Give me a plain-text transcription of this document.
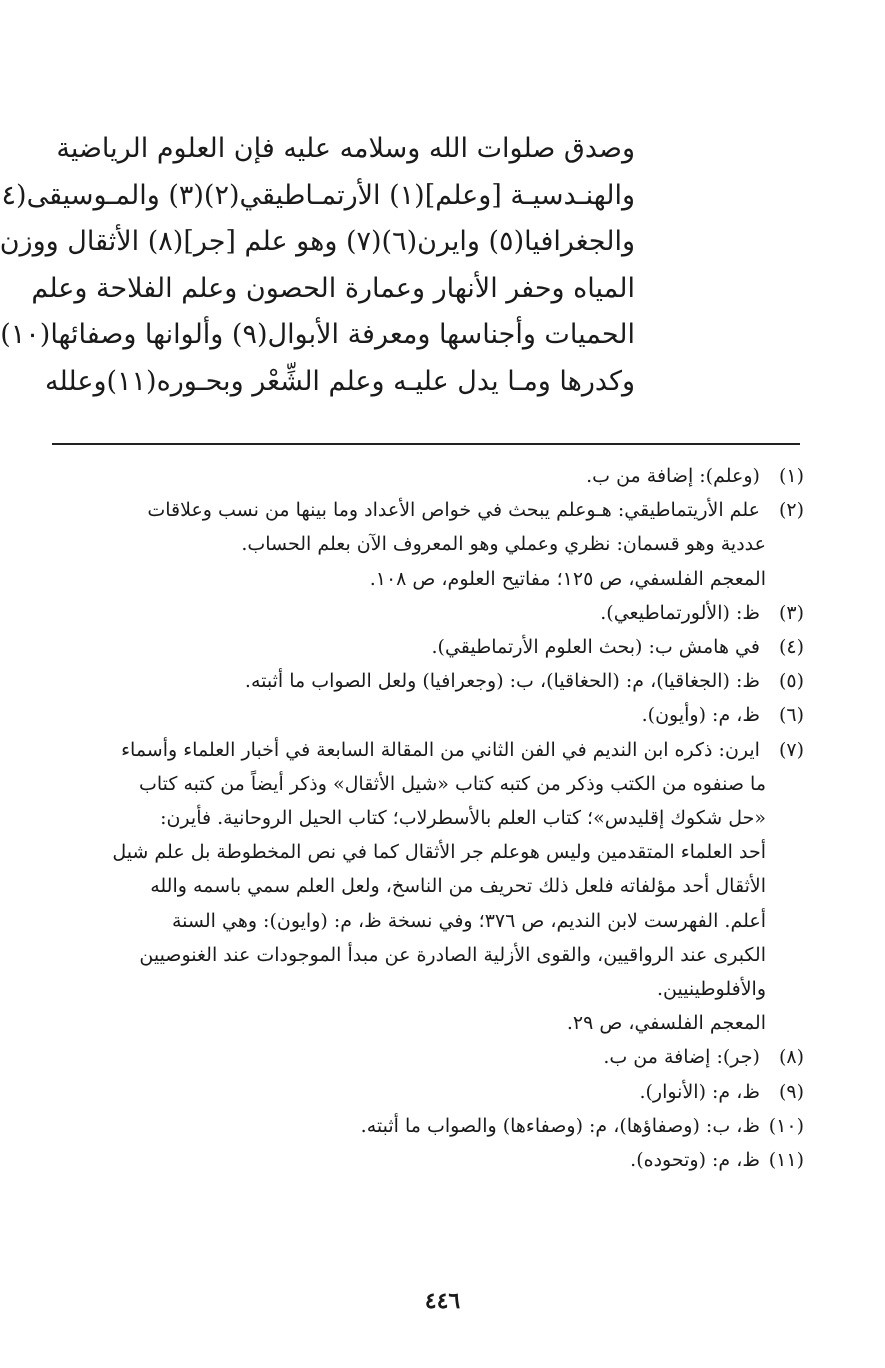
وصدق صلوات الله وسلامه عليه فإن العلوم الرياضية
والهنـدسيـة [وعلم](١) الأرتمـاطيقي(٢)(٣) والمـوسيقى(٤
والجغرافيا(٥) وايرن(٦)(٧) وهو علم [جر](٨) الأثقال ووزن
المياه وحفر الأنهار وعمارة الحصون وعلم الفلاحة وعلم
الحميات وأجناسها ومعرفة الأبوال(٩) وألوانها وصفائها(١٠)
وكدرها ومـا يدل عليـه وعلم الشِّعْر وبحـوره(١١)وعلله
(١) (وعلم): إضافة من ب.
(٢) علم الأريتماطيقي: هـوعلم يبحث في خواص الأعداد وما بينها من نسب وعلاقات
عددية وهو قسمان: نظري وعملي وهو المعروف الآن بعلم الحساب.
المعجم الفلسفي، ص ١٢٥؛ مفاتيح العلوم، ص ١٠٨.
(٣) ظ: (الألورتماطيعي).
(٤) في هامش ب: (بحث العلوم الأرتماطيقي).
(٥) ظ: (الجغاقيا)، م: (الحغاقيا)، ب: (وجعرافيا) ولعل الصواب ما أثبته.
(٦) ظ، م: (وأيون).
(٧) ايرن: ذكره ابن النديم في الفن الثاني من المقالة السابعة في أخبار العلماء وأسماء
ما صنفوه من الكتب وذكر من كتبه كتاب «شيل الأثقال» وذكر أيضاً من كتبه كتاب
«حل شكوك إقليدس»؛ كتاب العلم بالأسطرلاب؛ كتاب الحيل الروحانية. فأيرن:
أحد العلماء المتقدمين وليس هوعلم جر الأثقال كما في نص المخطوطة بل علم شيل
الأثقال أحد مؤلفاته فلعل ذلك تحريف من الناسخ، ولعل العلم سمي باسمه والله
أعلم. الفهرست لابن النديم، ص ٣٧٦؛ وفي نسخة ظ، م: (وايون): وهي السنة
الكبرى عند الرواقيين، والقوى الأزلية الصادرة عن مبدأ الموجودات عند الغنوصيين
والأفلوطينيين.
المعجم الفلسفي، ص ٢٩.
(٨) (جر): إضافة من ب.
(٩) ظ، م: (الأنوار).
(١٠) ظ، ب: (وصفاؤها)، م: (وصفاءها) والصواب ما أثبته.
(١١) ظ، م: (وتحوده).
٤٤٦
